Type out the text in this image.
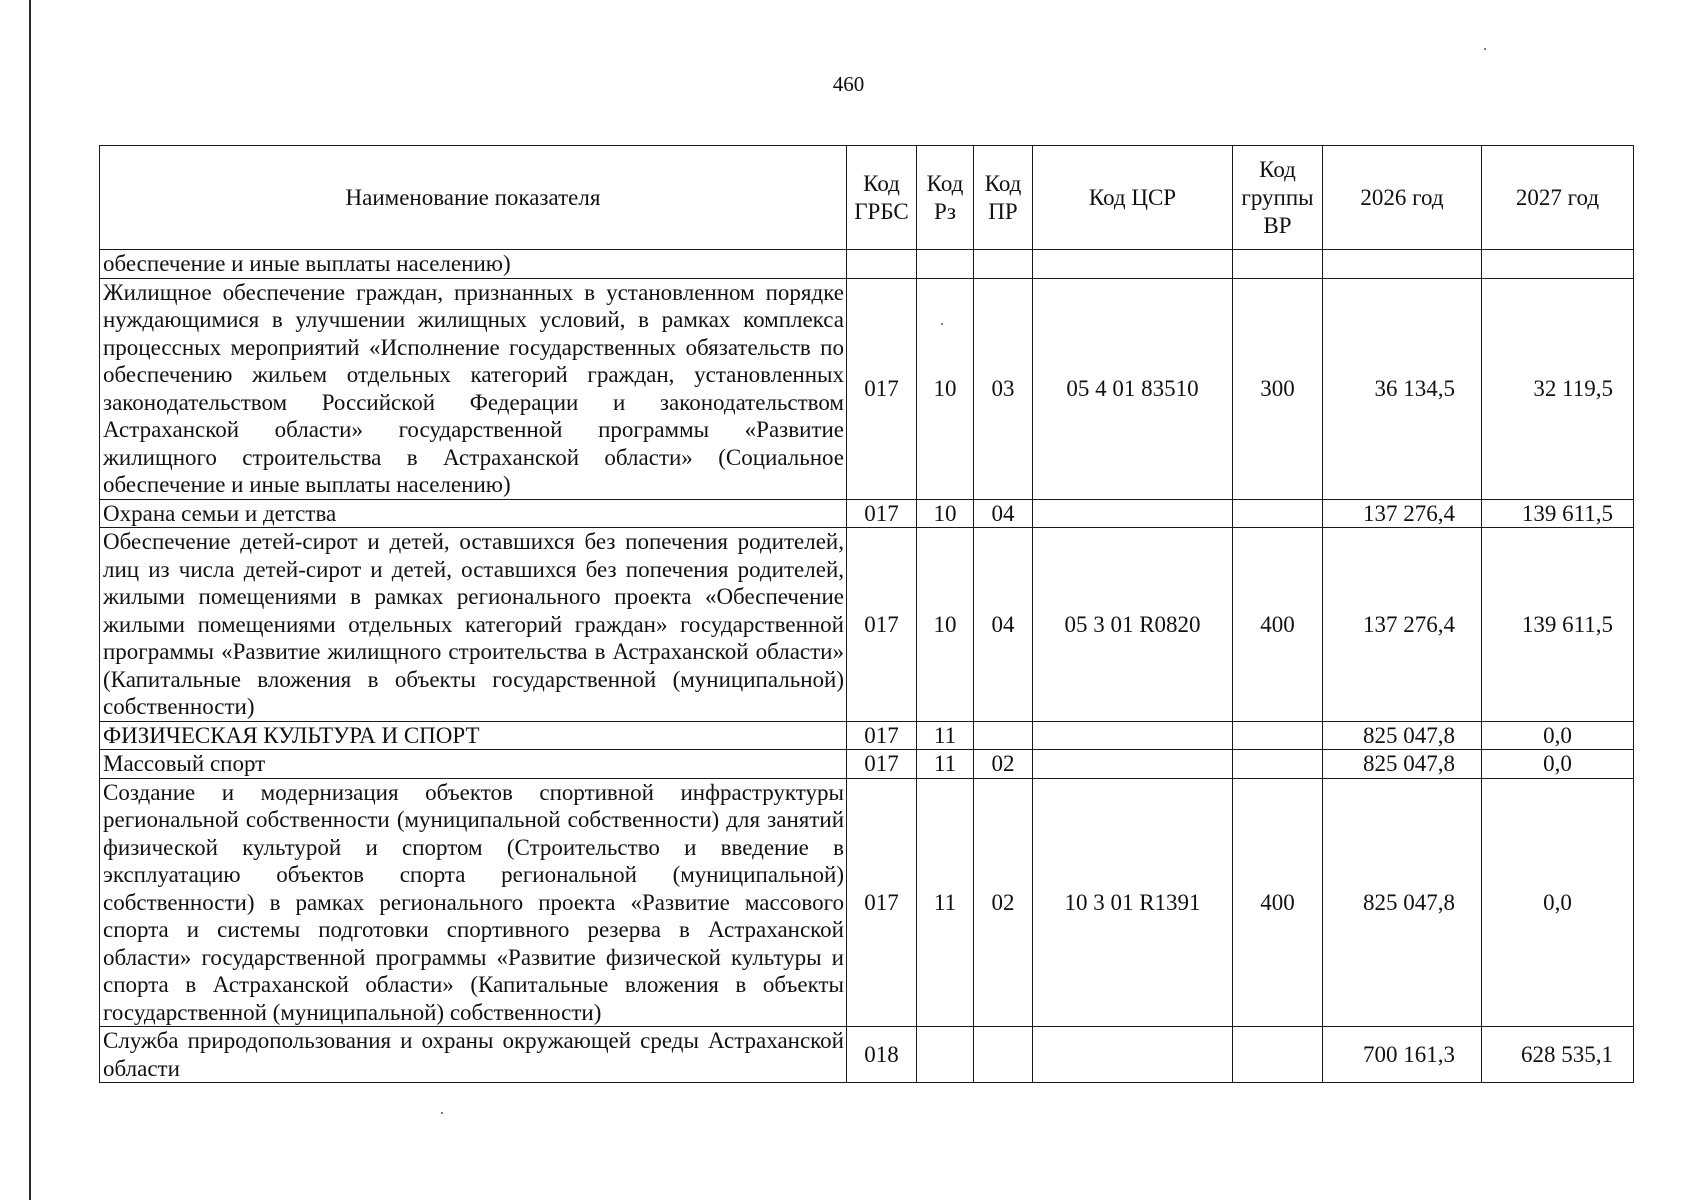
460
Наименование показателя	Код ГРБС	Код Рз	Код ПР	Код ЦСР	Код группы ВР	2026 год	2027 год
обеспечение и иные выплаты населению)							
Жилищное обеспечение граждан, признанных в установленном порядке нуждающимися в улучшении жилищных условий, в рамках комплекса процессных мероприятий «Исполнение государственных обязательств по обеспечению жильем отдельных категорий граждан, установленных законодательством Российской Федерации и законодательством Астраханской области» государственной программы «Развитие жилищного строительства в Астраханской области» (Социальное обеспечение и иные выплаты населению)	017	10	03	05 4 01 83510	300	36 134,5	32 119,5
Охрана семьи и детства	017	10	04			137 276,4	139 611,5
Обеспечение детей-сирот и детей, оставшихся без попечения родителей, лиц из числа детей-сирот и детей, оставшихся без попечения родителей, жилыми помещениями в рамках регионального проекта «Обеспечение жилыми помещениями отдельных категорий граждан» государственной программы «Развитие жилищного строительства в Астраханской области» (Капитальные вложения в объекты государственной (муниципальной) собственности)	017	10	04	05 3 01 R0820	400	137 276,4	139 611,5
ФИЗИЧЕСКАЯ КУЛЬТУРА И СПОРТ	017	11				825 047,8	0,0
Массовый спорт	017	11	02			825 047,8	0,0
Создание и модернизация объектов спортивной инфраструктуры региональной собственности (муниципальной собственности) для занятий физической культурой и спортом (Строительство и введение в эксплуатацию объектов спорта региональной (муниципальной) собственности) в рамках регионального проекта «Развитие массового спорта и системы подготовки спортивного резерва в Астраханской области» государственной программы «Развитие физической культуры и спорта в Астраханской области» (Капитальные вложения в объекты государственной (муниципальной) собственности)	017	11	02	10 3 01 R1391	400	825 047,8	0,0
Служба природопользования и охраны окружающей среды Астраханской области	018					700 161,3	628 535,1
